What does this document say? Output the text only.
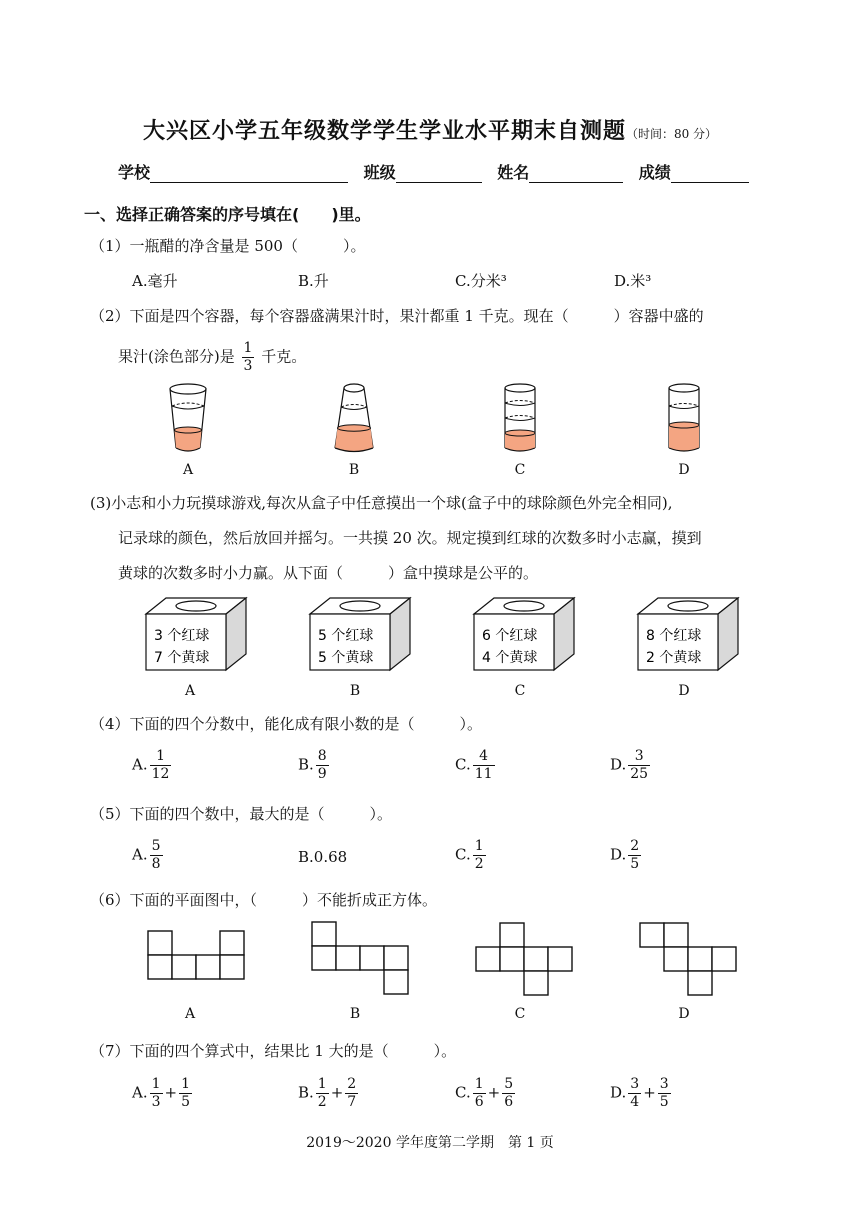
大兴区小学五年级数学学生学业水平期末自测题（时间：80 分）
学校	班级	姓名	成绩
一、选择正确答案的序号填在(　　)里。
（1）一瓶醋的净含量是 500（　　　）。
A.毫升	B.升	C.分米³	D.米³
（2）下面是四个容器，每个容器盛满果汁时，果汁都重 1 千克。现在（　　　）容器中盛的
果汁(涂色部分)是 $\frac{1}{3}$ 千克。
A	B	C	D
(3)小志和小力玩摸球游戏,每次从盒子中任意摸出一个球(盒子中的球除颜色外完全相同),
记录球的颜色，然后放回并摇匀。一共摸 20 次。规定摸到红球的次数多时小志赢，摸到
黄球的次数多时小力赢。从下面（　　　）盒中摸球是公平的。
3 个红球
7 个黄球
5 个红球
5 个黄球
6 个红球
4 个黄球
8 个红球
2 个黄球
A	B	C	D
（4）下面的四个分数中，能化成有限小数的是（　　　）。
A. $\frac{1}{12}$	B. $\frac{8}{9}$	C. $\frac{4}{11}$	D. $\frac{3}{25}$
（5）下面的四个数中，最大的是（　　　）。
A. $\frac{5}{8}$	B.0.68	C. $\frac{1}{2}$	D. $\frac{2}{5}$
（6）下面的平面图中，（　　　）不能折成正方体。
A	B	C	D
（7）下面的四个算式中，结果比 1 大的是（　　　）。
A. $\frac{1}{3} + \frac{1}{5}$	B. $\frac{1}{2} + \frac{2}{7}$	C. $\frac{1}{6} + \frac{5}{6}$	D. $\frac{3}{4} + \frac{3}{5}$
2019～2020 学年度第二学期　第 1 页
